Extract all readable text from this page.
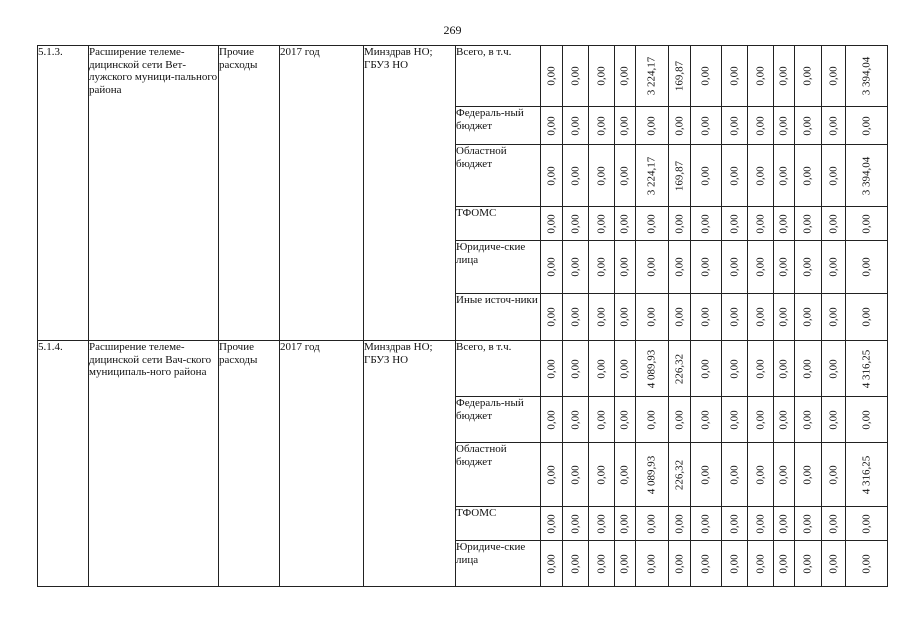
269
5.1.3.	Расширение телеме-дицинской сети Вет-лужского муници-пального района	Прочие расходы	2017 год	Минздрав НО; ГБУЗ НО	Всего, в т.ч.	0,00	0,00	0,00	0,00	3 224,17	169,87	0,00	0,00	0,00	0,00	0,00	0,00	3 394,04

					Федераль-ный бюджет	0,00	0,00	0,00	0,00	0,00	0,00	0,00	0,00	0,00	0,00	0,00	0,00	0,00

					Областной бюджет	0,00	0,00	0,00	0,00	3 224,17	169,87	0,00	0,00	0,00	0,00	0,00	0,00	3 394,04

					ТФОМС	0,00	0,00	0,00	0,00	0,00	0,00	0,00	0,00	0,00	0,00	0,00	0,00	0,00

					Юридиче-ские лица	0,00	0,00	0,00	0,00	0,00	0,00	0,00	0,00	0,00	0,00	0,00	0,00	0,00

					Иные источ-ники	0,00	0,00	0,00	0,00	0,00	0,00	0,00	0,00	0,00	0,00	0,00	0,00	0,00

5.1.4.	Расширение телеме-дицинской сети Вач-ского муниципаль-ного района	Прочие расходы	2017 год	Минздрав НО; ГБУЗ НО	Всего, в т.ч.	0,00	0,00	0,00	0,00	4 089,93	226,32	0,00	0,00	0,00	0,00	0,00	0,00	4 316,25

					Федераль-ный бюджет	0,00	0,00	0,00	0,00	0,00	0,00	0,00	0,00	0,00	0,00	0,00	0,00	0,00

					Областной бюджет	0,00	0,00	0,00	0,00	4 089,93	226,32	0,00	0,00	0,00	0,00	0,00	0,00	4 316,25

					ТФОМС	0,00	0,00	0,00	0,00	0,00	0,00	0,00	0,00	0,00	0,00	0,00	0,00	0,00

					Юридиче-ские лица	0,00	0,00	0,00	0,00	0,00	0,00	0,00	0,00	0,00	0,00	0,00	0,00	0,00
